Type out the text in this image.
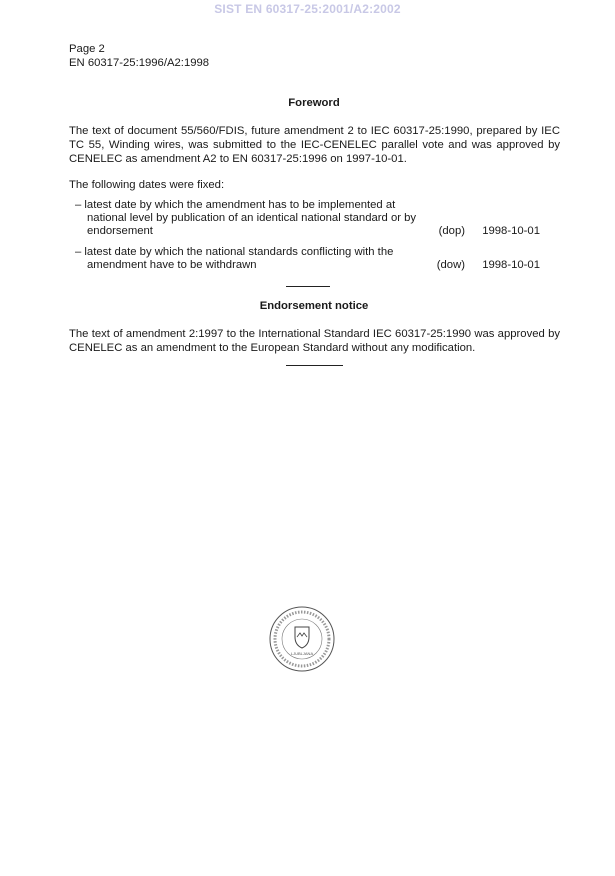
SIST EN 60317-25:2001/A2:2002
Page 2
EN 60317-25:1996/A2:1998
Foreword
The text of document 55/560/FDIS, future amendment 2 to IEC 60317-25:1990, prepared by IEC TC 55, Winding wires, was submitted to the IEC-CENELEC parallel vote and was approved by CENELEC as amendment A2 to EN 60317-25:1996 on 1997-10-01.
The following dates were fixed:
– latest date by which the amendment has to be implemented at national level by publication of an identical national standard or by endorsement	(dop) 1998-10-01
– latest date by which the national standards conflicting with the amendment have to be withdrawn	(dow) 1998-10-01
Endorsement notice
The text of amendment 2:1997 to the International Standard IEC 60317-25:1990 was approved by CENELEC as an amendment to the European Standard without any modification.
LJUBLJANA
